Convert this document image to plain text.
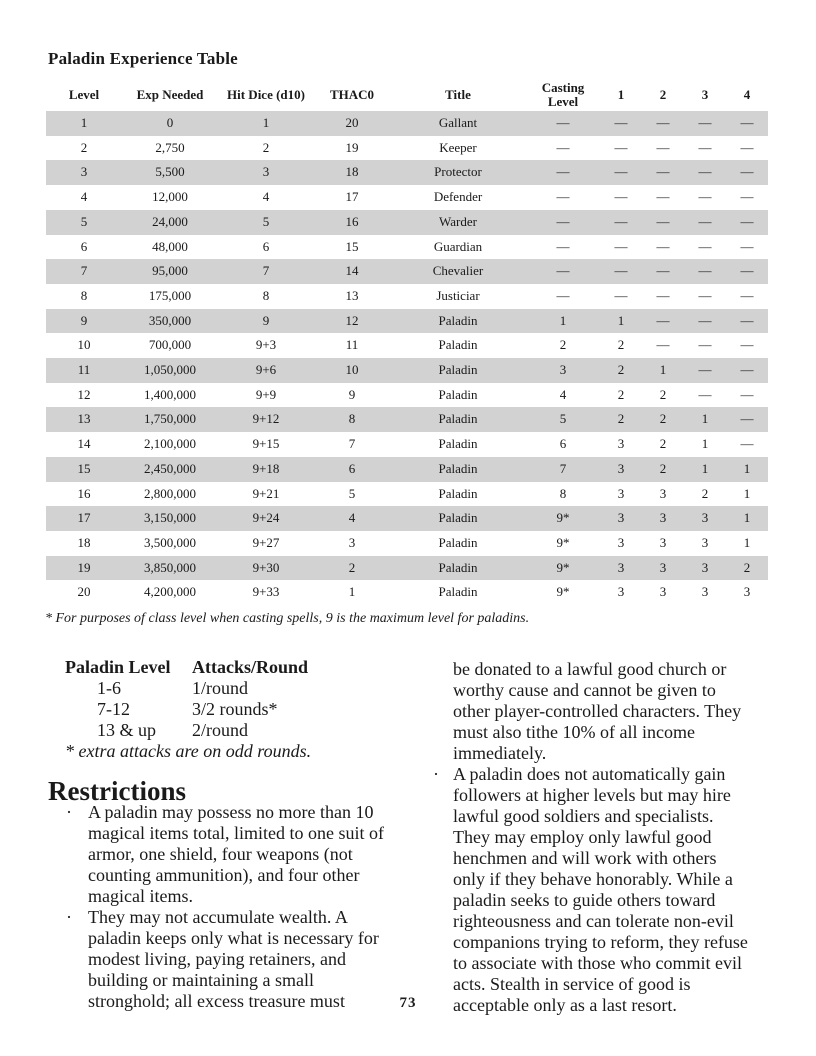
Paladin Experience Table
Level	Exp Needed	Hit Dice (d10)	THAC0	Title	Casting Level	1	2	3	4
1	0	1	20	Gallant	—	—	—	—	—
2	2,750	2	19	Keeper	—	—	—	—	—
3	5,500	3	18	Protector	—	—	—	—	—
4	12,000	4	17	Defender	—	—	—	—	—
5	24,000	5	16	Warder	—	—	—	—	—
6	48,000	6	15	Guardian	—	—	—	—	—
7	95,000	7	14	Chevalier	—	—	—	—	—
8	175,000	8	13	Justiciar	—	—	—	—	—
9	350,000	9	12	Paladin	1	1	—	—	—
10	700,000	9+3	11	Paladin	2	2	—	—	—
11	1,050,000	9+6	10	Paladin	3	2	1	—	—
12	1,400,000	9+9	9	Paladin	4	2	2	—	—
13	1,750,000	9+12	8	Paladin	5	2	2	1	—
14	2,100,000	9+15	7	Paladin	6	3	2	1	—
15	2,450,000	9+18	6	Paladin	7	3	2	1	1
16	2,800,000	9+21	5	Paladin	8	3	3	2	1
17	3,150,000	9+24	4	Paladin	9*	3	3	3	1
18	3,500,000	9+27	3	Paladin	9*	3	3	3	1
19	3,850,000	9+30	2	Paladin	9*	3	3	3	2
20	4,200,000	9+33	1	Paladin	9*	3	3	3	3

* For purposes of class level when casting spells, 9 is the maximum level for paladins.

Paladin Level	Attacks/Round
1-6	1/round
7-12	3/2 rounds*
13 & up	2/round

* extra attacks are on odd rounds.

Restrictions
· A paladin may possess no more than 10 magical items total, limited to one suit of armor, one shield, four weapons (not counting ammunition), and four other magical items.
· They may not accumulate wealth. A paladin keeps only what is necessary for modest living, paying retainers, and building or maintaining a small stronghold; all excess treasure must

be donated to a lawful good church or worthy cause and cannot be given to other player-controlled characters. They must also tithe 10% of all income immediately.

· A paladin does not automatically gain followers at higher levels but may hire lawful good soldiers and specialists. They may employ only lawful good henchmen and will work with others only if they behave honorably. While a paladin seeks to guide others toward righteousness and can tolerate non-evil companions trying to reform, they refuse to associate with those who commit evil acts. Stealth in service of good is acceptable only as a last resort.
73
